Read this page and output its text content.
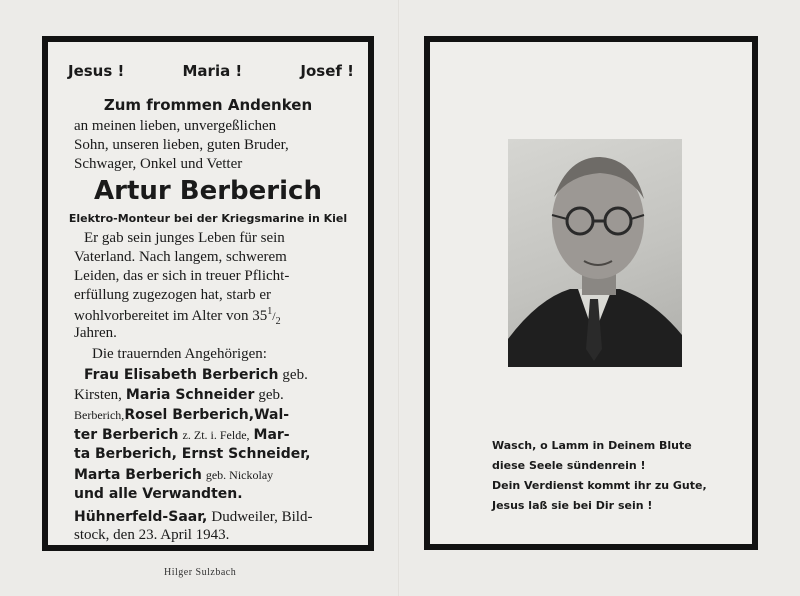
Jesus !	Maria !	Josef !
Zum frommen Andenken
an meinen lieben, unvergeßlichen
Sohn, unseren lieben, guten Bruder,
Schwager, Onkel und Vetter
Artur Berberich
Elektro-Monteur bei der Kriegsmarine in Kiel
Er gab sein junges Leben für sein
Vaterland. Nach langem, schwerem
Leiden, das er sich in treuer Pflicht-
erfüllung zugezogen hat, starb er
wohlvorbereitet im Alter von $35^1/_2$
Jahren.
Die trauernden Angehörigen:
Frau Elisabeth Berberich geb.
Kirsten, Maria Schneider geb.
Berberich,Rosel Berberich,Wal-
ter Berberich z. Zt. i. Felde, Mar-
ta Berberich, Ernst Schneider,
Marta Berberich geb. Nickolay
und alle Verwandten.
Hühnerfeld-Saar, Dudweiler, Bild-
stock, den 23. April 1943.
Wasch, o Lamm in Deinem Blute
diese Seele sündenrein !
Dein Verdienst kommt ihr zu Gute,
Jesus laß sie bei Dir sein !
Hilger Sulzbach
